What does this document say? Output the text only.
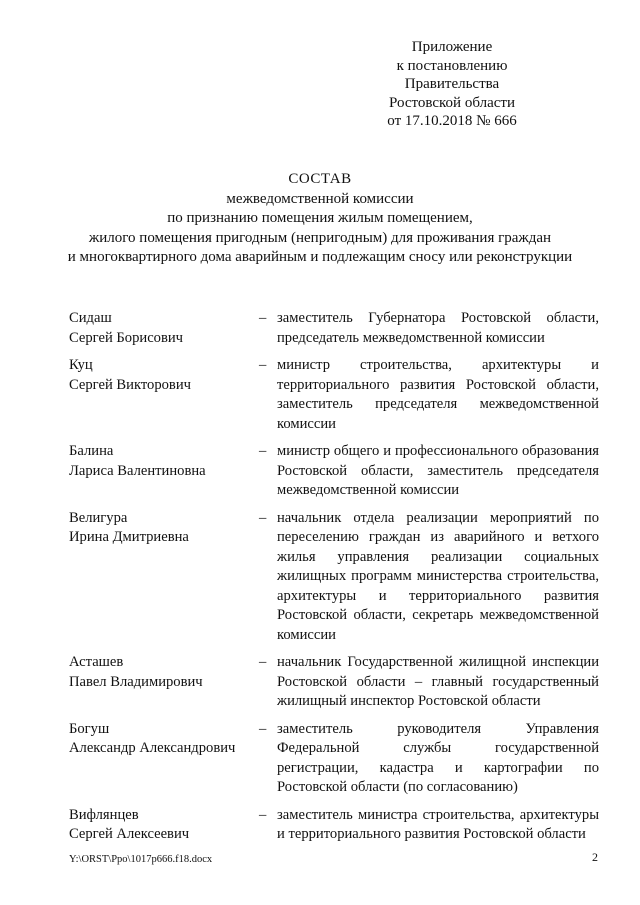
Приложение
к постановлению
Правительства
Ростовской области
от 17.10.2018 № 666
СОСТАВ
межведомственной комиссии
по признанию помещения жилым помещением,
жилого помещения пригодным (непригодным) для проживания граждан
и многоквартирного дома аварийным и подлежащим сносу или реконструкции
Сидаш
Сергей Борисович
– заместитель Губернатора Ростовской области, председатель межведомственной комиссии
Куц
Сергей Викторович
– министр строительства, архитектуры и территориального развития Ростовской области, заместитель председателя межведомственной комиссии
Балина
Лариса Валентиновна
– министр общего и профессионального образования Ростовской области, заместитель председателя межведомственной комиссии
Велигура
Ирина Дмитриевна
– начальник отдела реализации мероприятий по переселению граждан из аварийного и ветхого жилья управления реализации социальных жилищных программ министерства строительства, архитектуры и территориального развития Ростовской области, секретарь межведомственной комиссии
Асташев
Павел Владимирович
– начальник Государственной жилищной инспекции Ростовской области – главный государственный жилищный инспектор Ростовской области
Богуш
Александр Александрович
– заместитель руководителя Управления Федеральной службы государственной регистрации, кадастра и картографии по Ростовской области (по согласованию)
Вифлянцев
Сергей Алексеевич
– заместитель министра строительства, архитектуры и территориального развития Ростовской области
Y:\ORST\Ppo\1017p666.f18.docx	2
